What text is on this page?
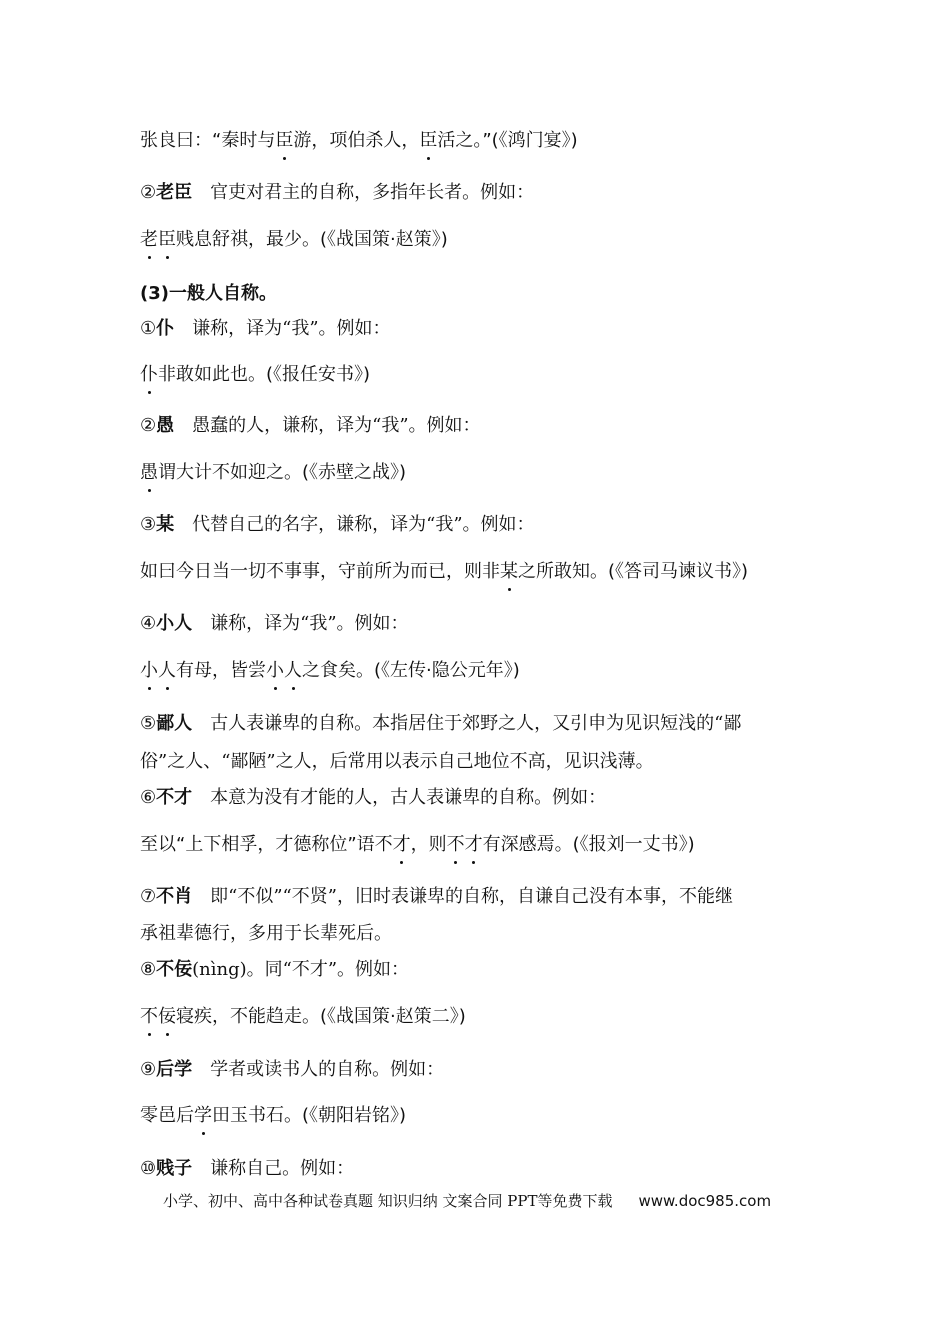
张良曰：“秦时与臣游，项伯杀人，臣活之。”(《鸿门宴》)

②老臣 官吏对君主的自称，多指年长者。例如：

老臣贱息舒祺，最少。(《战国策·赵策》)

(3)一般人自称。

①仆 谦称，译为“我”。例如：

仆非敢如此也。(《报任安书》)

②愚 愚蠢的人，谦称，译为“我”。例如：

愚谓大计不如迎之。(《赤壁之战》)

③某 代替自己的名字，谦称，译为“我”。例如：

如曰今日当一切不事事，守前所为而已，则非某之所敢知。(《答司马谏议书》)

④小人 谦称，译为“我”。例如：

小人有母，皆尝小人之食矣。(《左传·隐公元年》)

⑤鄙人 古人表谦卑的自称。本指居住于郊野之人，又引申为见识短浅的“鄙

俗”之人、“鄙陋”之人，后常用以表示自己地位不高，见识浅薄。

⑥不才 本意为没有才能的人，古人表谦卑的自称。例如：

至以“上下相孚，才德称位”语不才，则不才有深感焉。(《报刘一丈书》)

⑦不肖 即“不似”“不贤”，旧时表谦卑的自称，自谦自己没有本事，不能继

承祖辈德行，多用于长辈死后。

⑧不佞(nìng)。同“不才”。例如：

不佞寝疾，不能趋走。(《战国策·赵策二》)

⑨后学 学者或读书人的自称。例如：

零邑后学田玉书石。(《朝阳岩铭》)

⑩贱子 谦称自己。例如：

小学、初中、高中各种试卷真题 知识归纳 文案合同 PPT等免费下载 www.doc985.com
